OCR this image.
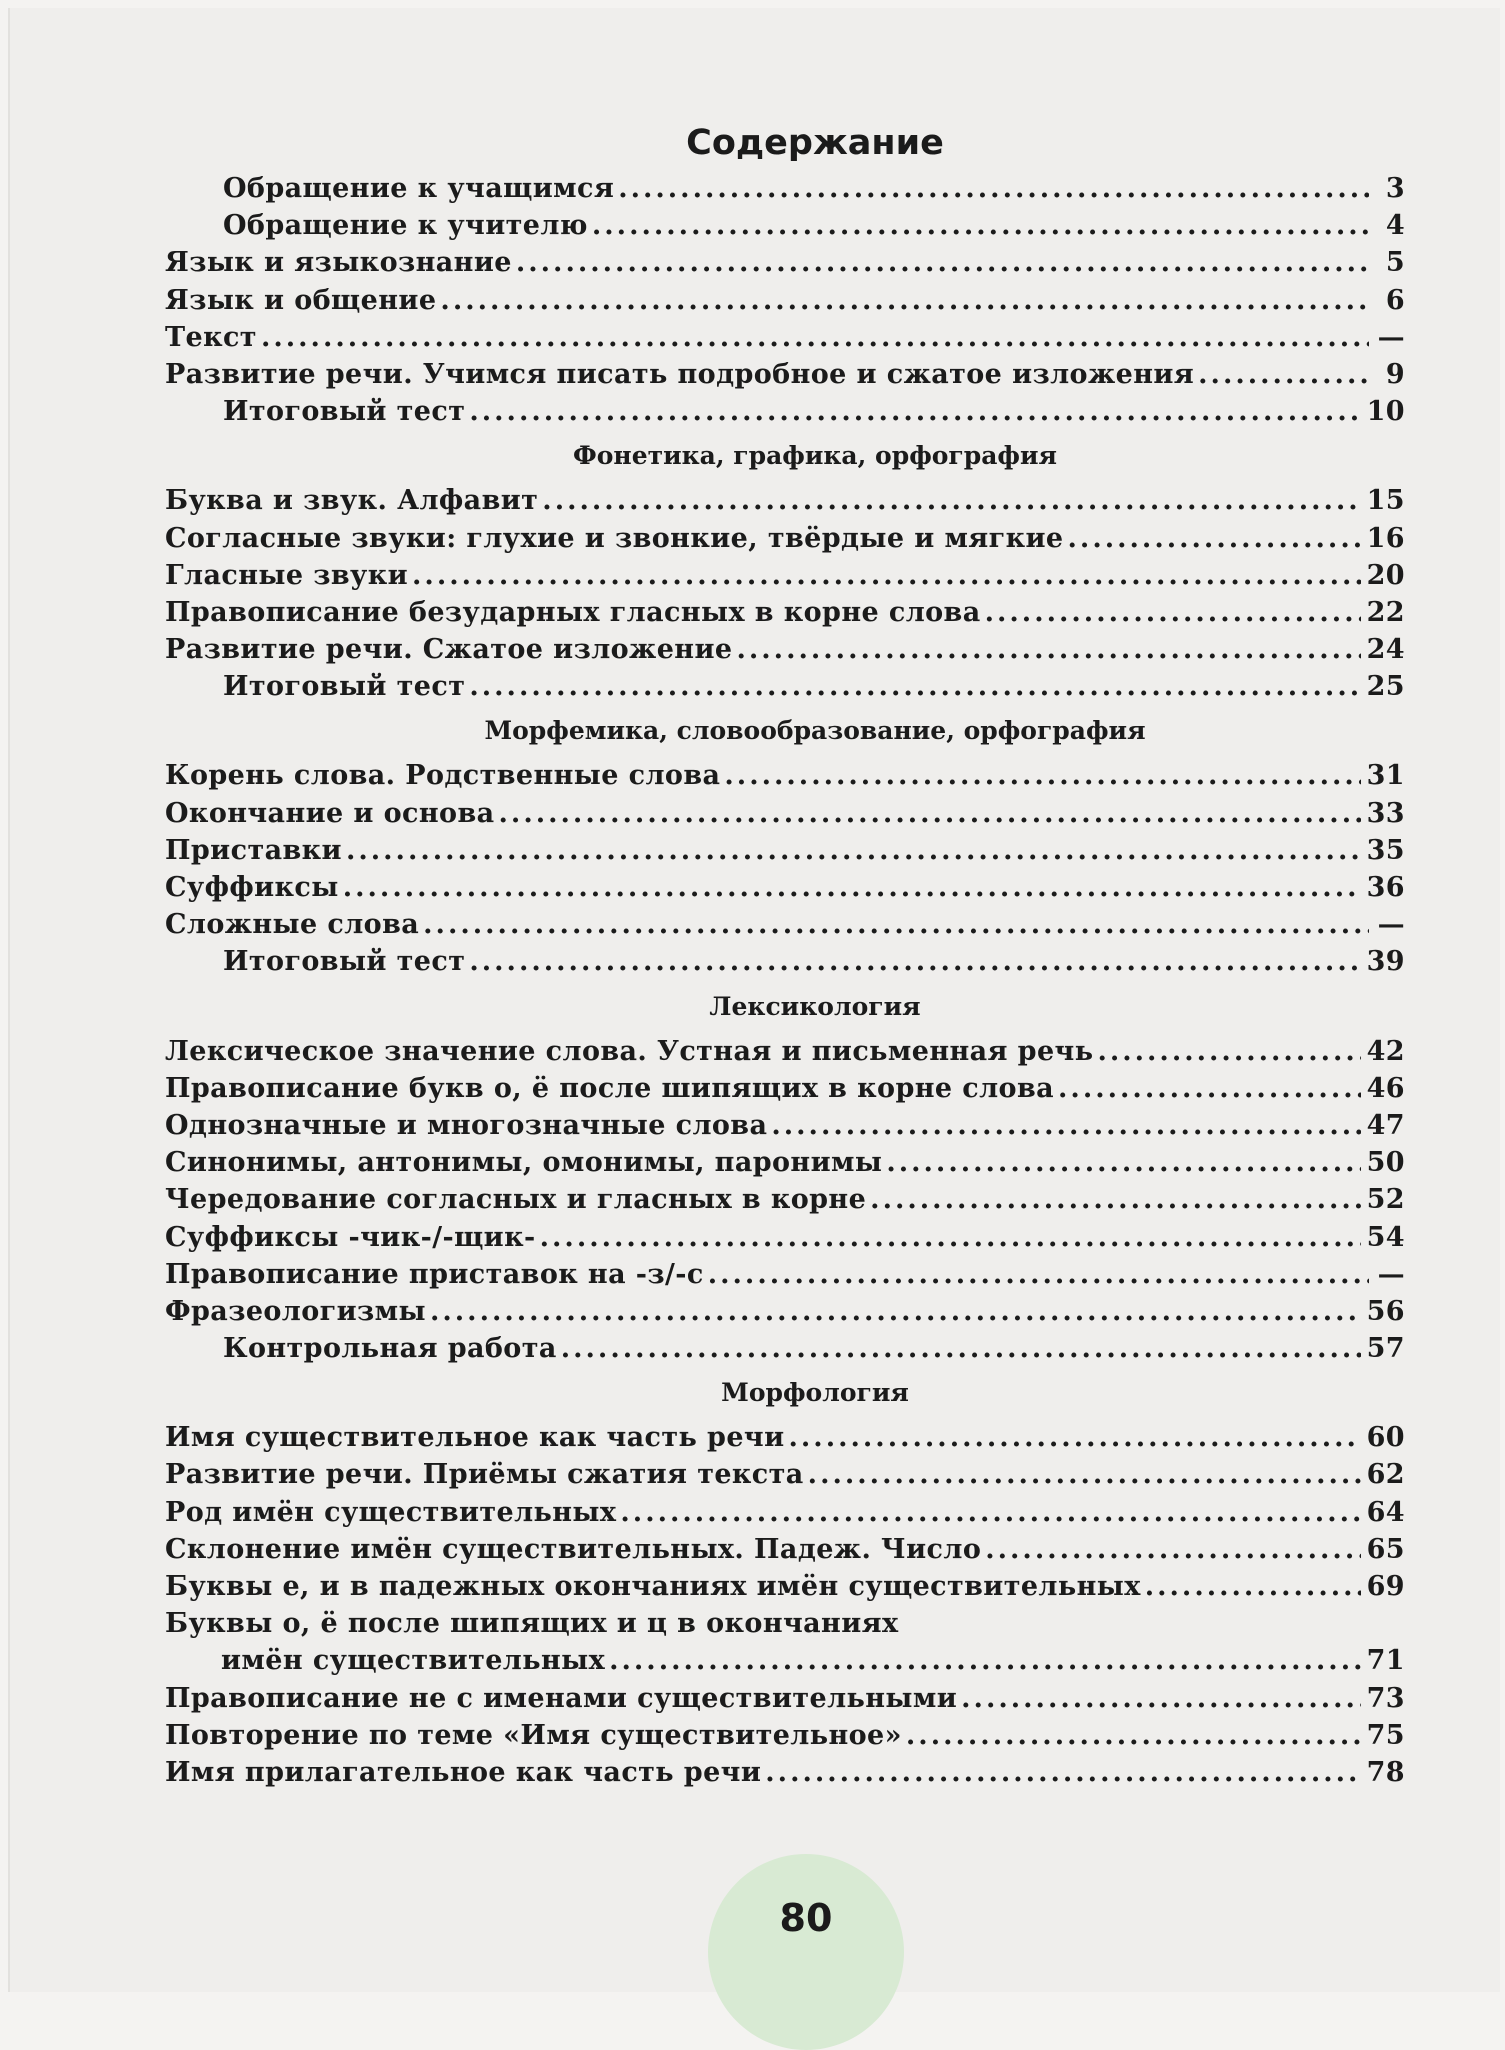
80
Содержание
Обращение к учащимся .....	3
Обращение к учителю .....	4
Язык и языкознание .....	5
Язык и общение .....	6
Текст .....	—
Развитие речи. Учимся писать подробное и сжатое изложения .....	9
Итоговый тест .....	10
Фонетика, графика, орфография
Буква и звук. Алфавит .....	15
Согласные звуки: глухие и звонкие, твёрдые и мягкие .....	16
Гласные звуки .....	20
Правописание безударных гласных в корне слова .....	22
Развитие речи. Сжатое изложение .....	24
Итоговый тест .....	25
Морфемика, словообразование, орфография
Корень слова. Родственные слова .....	31
Окончание и основа .....	33
Приставки .....	35
Суффиксы .....	36
Сложные слова .....	—
Итоговый тест .....	39
Лексикология
Лексическое значение слова. Устная и письменная речь .....	42
Правописание букв о, ё после шипящих в корне слова .....	46
Однозначные и многозначные слова .....	47
Синонимы, антонимы, омонимы, паронимы .....	50
Чередование согласных и гласных в корне .....	52
Суффиксы -чик-/-щик- .....	54
Правописание приставок на -з/-с .....	—
Фразеологизмы .....	56
Контрольная работа .....	57
Морфология
Имя существительное как часть речи .....	60
Развитие речи. Приёмы сжатия текста .....	62
Род имён существительных .....	64
Склонение имён существительных. Падеж. Число .....	65
Буквы е, и в падежных окончаниях имён существительных .....	69
Буквы о, ё после шипящих и ц в окончаниях
имён существительных .....	71
Правописание не с именами существительными .....	73
Повторение по теме «Имя существительное» .....	75
Имя прилагательное как часть речи .....	78
